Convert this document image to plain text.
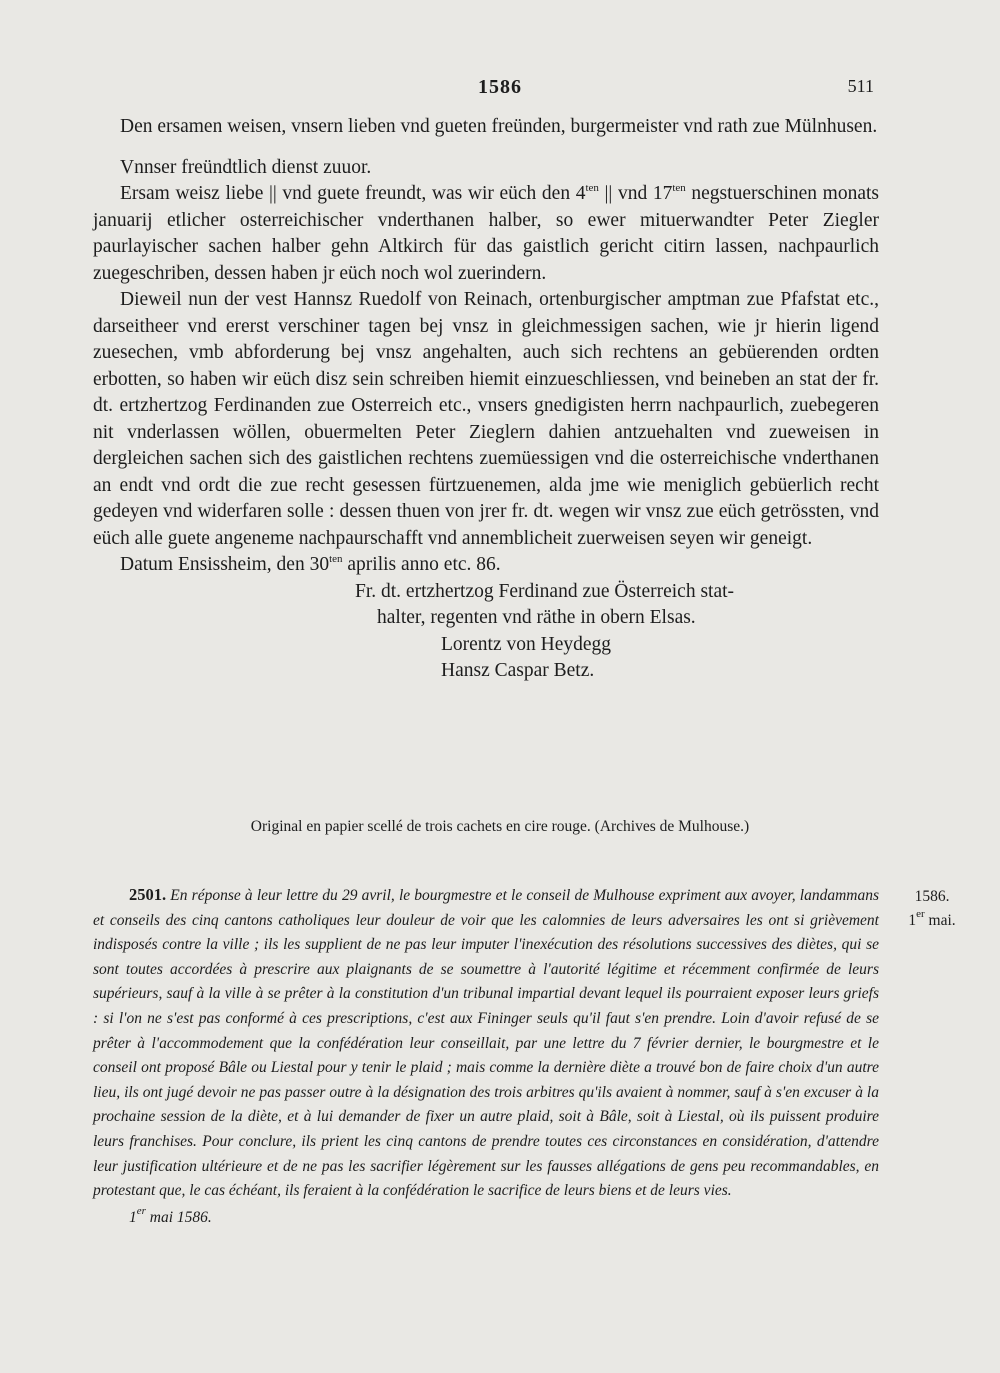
1586	511

Den ersamen weisen, vnsern lieben vnd gueten freünden, burgermeister vnd rath zue Mülnhusen.

Vnnser freündtlich dienst zuuor.

Ersam weisz liebe || vnd guete freundt, was wir eüch den $4^{ten}$ || vnd $17^{ten}$ negstuerschinen monats januarij etlicher osterreichischer vnderthanen halber, so ewer mituerwandter Peter Ziegler paurlayischer sachen halber gehn Altkirch für das gaistlich gericht citirn lassen, nachpaurlich zuegeschriben, dessen haben jr eüch noch wol zuerindern.

Dieweil nun der vest Hannsz Ruedolf von Reinach, ortenburgischer amptman zue Pfafstat etc., darseitheer vnd ererst verschiner tagen bej vnsz in gleichmessigen sachen, wie jr hierin ligend zuesechen, vmb abforderung bej vnsz angehalten, auch sich rechtens an gebüerenden ordten erbotten, so haben wir eüch disz sein schreiben hiemit einzueschliessen, vnd beineben an stat der fr. dt. ertzhertzog Ferdinanden zue Osterreich etc., vnsers gnedigisten herrn nachpaurlich, zuebegeren nit vnderlassen wöllen, obuermelten Peter Zieglern dahien antzuehalten vnd zueweisen in dergleichen sachen sich des gaistlichen rechtens zuemüessigen vnd die osterreichische vnderthanen an endt vnd ordt die zue recht gesessen fürtzuenemen, alda jme wie meniglich gebüerlich recht gedeyen vnd widerfaren solle : dessen thuen von jrer fr. dt. wegen wir vnsz zue eüch getrössten, vnd eüch alle guete angeneme nachpaurschafft vnd annemblicheit zuerweisen seyen wir geneigt.

Datum Ensissheim, den $30^{ten}$ aprilis anno etc. 86.

Fr. dt. ertzhertzog Ferdinand zue Österreich stat-

halter, regenten vnd räthe in obern Elsas.

Lorentz von Heydegg

Hansz Caspar Betz.

Original en papier scellé de trois cachets en cire rouge. (Archives de Mulhouse.)

2501. En réponse à leur lettre du 29 avril, le bourgmestre et le conseil de Mulhouse expriment aux avoyer, landammans et conseils des cinq cantons catholiques leur douleur de voir que les calomnies de leurs adversaires les ont si grièvement indisposés contre la ville ; ils les supplient de ne pas leur imputer l'inexécution des résolutions successives des diètes, qui se sont toutes accordées à prescrire aux plaignants de se soumettre à l'autorité légitime et récemment confirmée de leurs supérieurs, sauf à la ville à se prêter à la constitution d'un tribunal impartial devant lequel ils pourraient exposer leurs griefs : si l'on ne s'est pas conformé à ces prescriptions, c'est aux Fininger seuls qu'il faut s'en prendre. Loin d'avoir refusé de se prêter à l'accommodement que la confédération leur conseillait, par une lettre du 7 février dernier, le bourgmestre et le conseil ont proposé Bâle ou Liestal pour y tenir le plaid ; mais comme la dernière diète a trouvé bon de faire choix d'un autre lieu, ils ont jugé devoir ne pas passer outre à la désignation des trois arbitres qu'ils avaient à nommer, sauf à s'en excuser à la prochaine session de la diète, et à lui demander de fixer un autre plaid, soit à Bâle, soit à Liestal, où ils puissent produire leurs franchises. Pour conclure, ils prient les cinq cantons de prendre toutes ces circonstances en considération, d'attendre leur justification ultérieure et de ne pas les sacrifier légèrement sur les fausses allégations de gens peu recommandables, en protestant que, le cas échéant, ils feraient à la confédération le sacrifice de leurs biens et de leurs vies.

1er mai 1586.

1586.

1er mai.
